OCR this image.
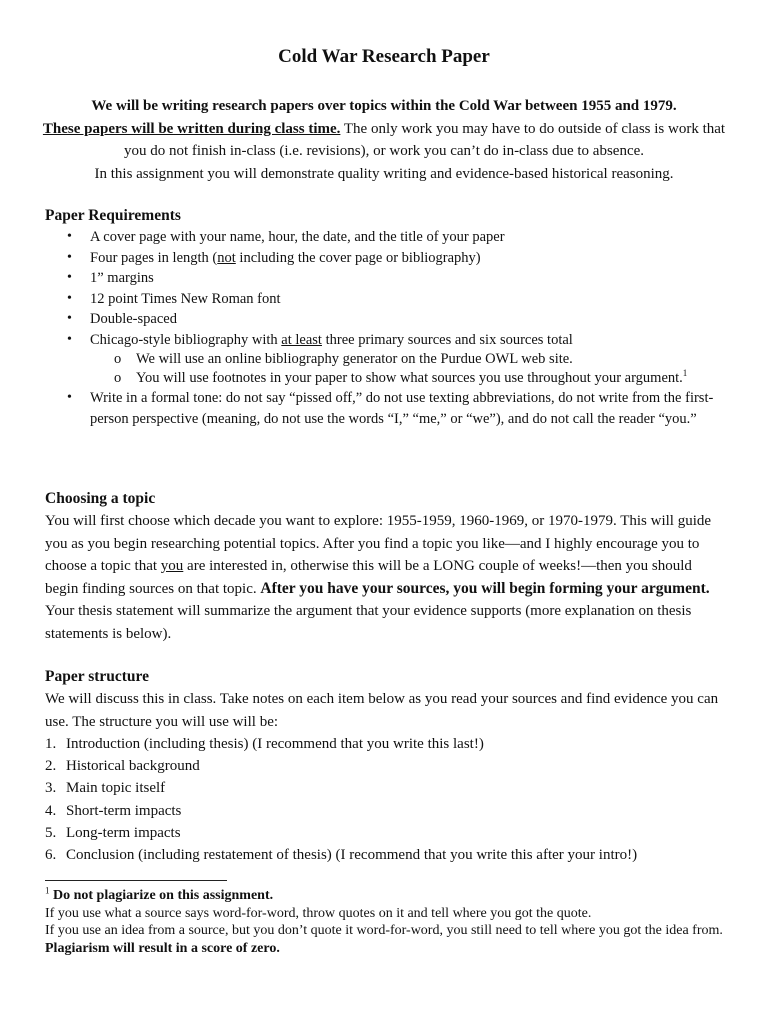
Cold War Research Paper
We will be writing research papers over topics within the Cold War between 1955 and 1979.
These papers will be written during class time. The only work you may have to do outside of class is work that you do not finish in-class (i.e. revisions), or work you can’t do in-class due to absence.
In this assignment you will demonstrate quality writing and evidence-based historical reasoning.
Paper Requirements
• A cover page with your name, hour, the date, and the title of your paper
• Four pages in length (not including the cover page or bibliography)
• 1” margins
• 12 point Times New Roman font
• Double-spaced
• Chicago-style bibliography with at least three primary sources and six sources total
o We will use an online bibliography generator on the Purdue OWL web site.
o You will use footnotes in your paper to show what sources you use throughout your argument.$^1$
• Write in a formal tone: do not say “pissed off,” do not use texting abbreviations, do not write from the first-person perspective (meaning, do not use the words “I,” “me,” or “we”), and do not call the reader “you.”
Choosing a topic
You will first choose which decade you want to explore: 1955-1959, 1960-1969, or 1970-1979. This will guide you as you begin researching potential topics. After you find a topic you like—and I highly encourage you to choose a topic that you are interested in, otherwise this will be a LONG couple of weeks!—then you should begin finding sources on that topic. After you have your sources, you will begin forming your argument. Your thesis statement will summarize the argument that your evidence supports (more explanation on thesis statements is below).
Paper structure
We will discuss this in class. Take notes on each item below as you read your sources and find evidence you can use. The structure you will use will be:
1. Introduction (including thesis) (I recommend that you write this last!)
2. Historical background
3. Main topic itself
4. Short-term impacts
5. Long-term impacts
6. Conclusion (including restatement of thesis) (I recommend that you write this after your intro!)
$^1$ Do not plagiarize on this assignment.
If you use what a source says word-for-word, throw quotes on it and tell where you got the quote.
If you use an idea from a source, but you don’t quote it word-for-word, you still need to tell where you got the idea from. Plagiarism will result in a score of zero.
